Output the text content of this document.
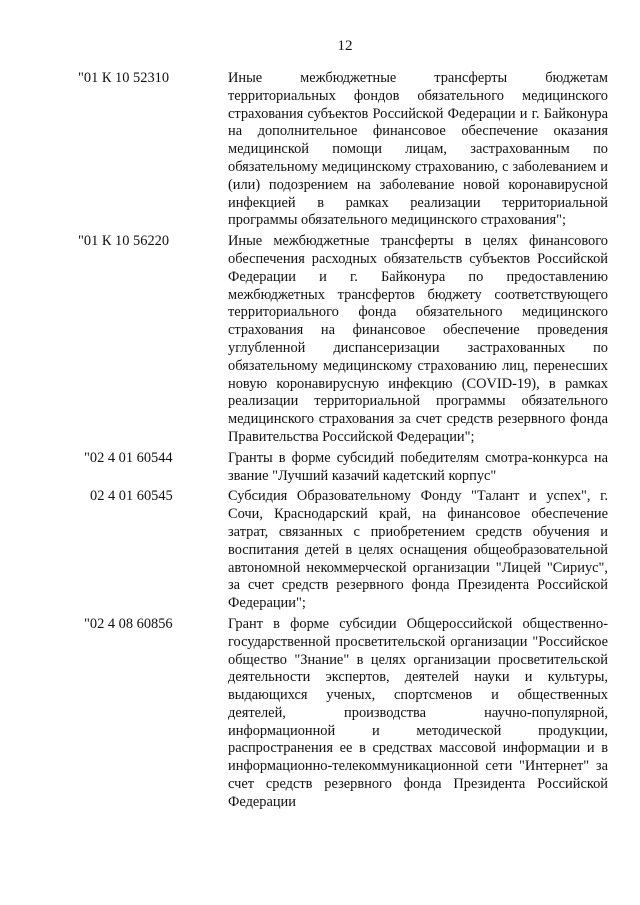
12
"01 К 10 52310	Иные межбюджетные трансферты бюджетам территориальных фондов обязательного медицинского страхования субъектов Российской Федерации и г. Байконура на дополнительное финансовое обеспечение оказания медицинской помощи лицам, застрахованным по обязательному медицинскому страхованию, с заболеванием и (или) подозрением на заболевание новой коронавирусной инфекцией в рамках реализации территориальной программы обязательного медицинского страхования";
"01 К 10 56220	Иные межбюджетные трансферты в целях финансового обеспечения расходных обязательств субъектов Российской Федерации и г. Байконура по предоставлению межбюджетных трансфертов бюджету соответствующего территориального фонда обязательного медицинского страхования на финансовое обеспечение проведения углубленной диспансеризации застрахованных по обязательному медицинскому страхованию лиц, перенесших новую коронавирусную инфекцию (COVID-19), в рамках реализации территориальной программы обязательного медицинского страхования за счет средств резервного фонда Правительства Российской Федерации";
"02 4 01 60544	Гранты в форме субсидий победителям смотра-конкурса на звание "Лучший казачий кадетский корпус"
02 4 01 60545	Субсидия Образовательному Фонду "Талант и успех", г. Сочи, Краснодарский край, на финансовое обеспечение затрат, связанных с приобретением средств обучения и воспитания детей в целях оснащения общеобразовательной автономной некоммерческой организации "Лицей "Сириус", за счет средств резервного фонда Президента Российской Федерации";
"02 4 08 60856	Грант в форме субсидии Общероссийской общественно-государственной просветительской организации "Российское общество "Знание" в целях организации просветительской деятельности экспертов, деятелей науки и культуры, выдающихся ученых, спортсменов и общественных деятелей, производства научно-популярной, информационной и методической продукции, распространения ее в средствах массовой информации и в информационно-телекоммуникационной сети "Интернет" за счет средств резервного фонда Президента Российской Федерации
